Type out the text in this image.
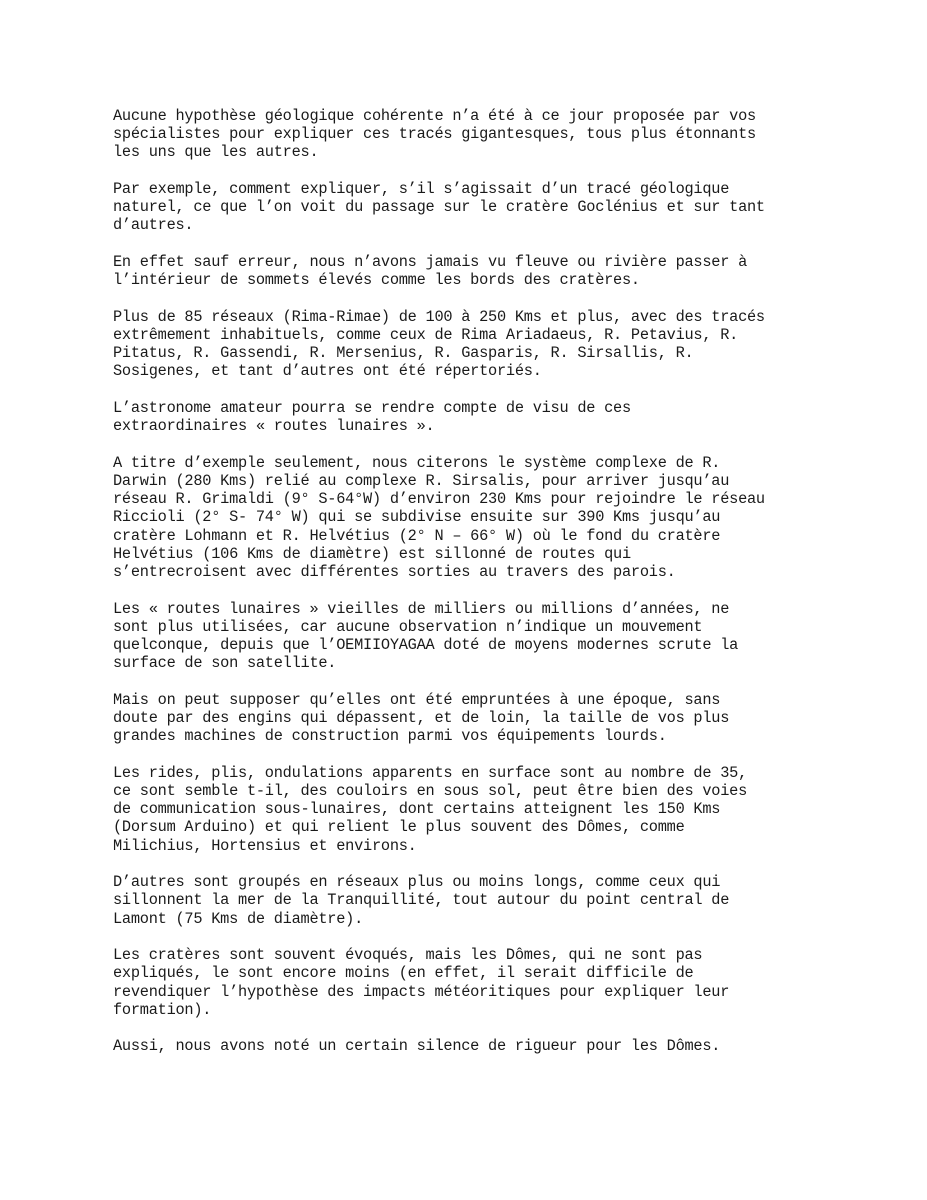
Aucune hypothèse géologique cohérente n’a été à ce jour proposée par vos
spécialistes pour expliquer ces tracés gigantesques, tous plus étonnants
les uns que les autres.

Par exemple, comment expliquer, s’il s’agissait d’un tracé géologique
naturel, ce que l’on voit du passage sur le cratère Goclénius et sur tant
d’autres.

En effet sauf erreur, nous n’avons jamais vu fleuve ou rivière passer à
l’intérieur de sommets élevés comme les bords des cratères.

Plus de 85 réseaux (Rima-Rimae) de 100 à 250 Kms et plus, avec des tracés
extrêmement inhabituels, comme ceux de Rima Ariadaeus, R. Petavius, R.
Pitatus, R. Gassendi, R. Mersenius, R. Gasparis, R. Sirsallis, R.
Sosigenes, et tant d’autres ont été répertoriés.

L’astronome amateur pourra se rendre compte de visu de ces
extraordinaires « routes lunaires ».

A titre d’exemple seulement, nous citerons le système complexe de R.
Darwin (280 Kms) relié au complexe R. Sirsalis, pour arriver jusqu’au
réseau R. Grimaldi (9° S-64°W) d’environ 230 Kms pour rejoindre le réseau
Riccioli (2° S- 74° W) qui se subdivise ensuite sur 390 Kms jusqu’au
cratère Lohmann et R. Helvétius (2° N – 66° W) où le fond du cratère
Helvétius (106 Kms de diamètre) est sillonné de routes qui
s’entrecroisent avec différentes sorties au travers des parois.

Les « routes lunaires » vieilles de milliers ou millions d’années, ne
sont plus utilisées, car aucune observation n’indique un mouvement
quelconque, depuis que l’OEMIIOYAGAA doté de moyens modernes scrute la
surface de son satellite.

Mais on peut supposer qu’elles ont été empruntées à une époque, sans
doute par des engins qui dépassent, et de loin, la taille de vos plus
grandes machines de construction parmi vos équipements lourds.

Les rides, plis, ondulations apparents en surface sont au nombre de 35,
ce sont semble t-il, des couloirs en sous sol, peut être bien des voies
de communication sous-lunaires, dont certains atteignent les 150 Kms
(Dorsum Arduino) et qui relient le plus souvent des Dômes, comme
Milichius, Hortensius et environs.

D’autres sont groupés en réseaux plus ou moins longs, comme ceux qui
sillonnent la mer de la Tranquillité, tout autour du point central de
Lamont (75 Kms de diamètre).

Les cratères sont souvent évoqués, mais les Dômes, qui ne sont pas
expliqués, le sont encore moins (en effet, il serait difficile de
revendiquer l’hypothèse des impacts météoritiques pour expliquer leur
formation).

Aussi, nous avons noté un certain silence de rigueur pour les Dômes.
